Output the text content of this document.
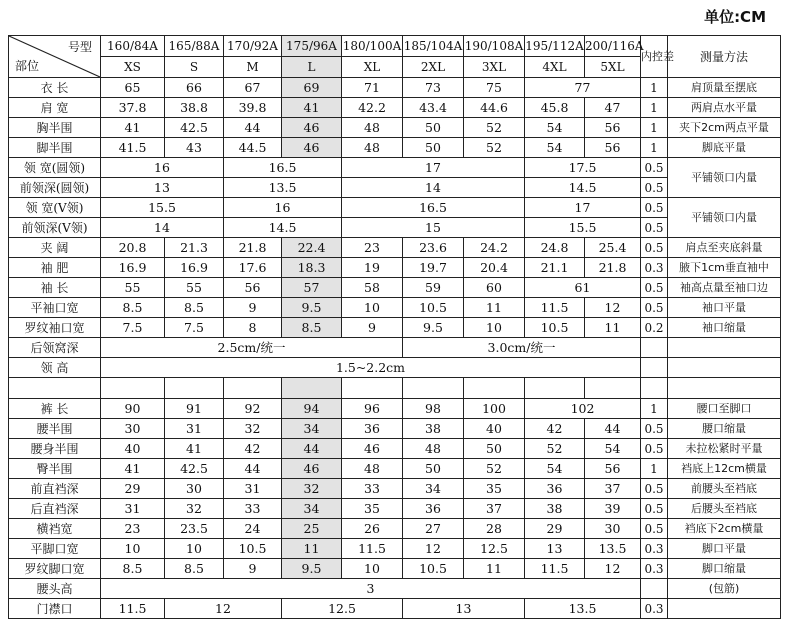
单位:CM
号型
部位	160/84A	165/88A	170/92A	175/96A	180/100A	185/104A	190/108A	195/112A	200/116A	内控差	测量方法
	XS	S	M	L	XL	2XL	3XL	4XL	5XL		
衣 长	65	66	67	69	71	73	75	77		1	肩顶量至摆底
肩 宽	37.8	38.8	39.8	41	42.2	43.4	44.6	45.8	47	1	两肩点水平量
胸半围	41	42.5	44	46	48	50	52	54	56	1	夹下2cm两点平量
脚半围	41.5	43	44.5	46	48	50	52	54	56	1	脚底平量
领 宽(圆领)	16		16.5		17			17.5		0.5	平铺领口内量
前领深(圆领)	13		13.5		14			14.5		0.5	
领 宽(V领)	15.5		16		16.5			17		0.5	平铺领口内量
前领深(V领)	14		14.5		15			15.5		0.5	
夹 阔	20.8	21.3	21.8	22.4	23	23.6	24.2	24.8	25.4	0.5	肩点至夹底斜量
袖 肥	16.9	16.9	17.6	18.3	19	19.7	20.4	21.1	21.8	0.3	腋下1cm垂直袖中
袖 长	55	55	56	57	58	59	60	61		0.5	袖高点量至袖口边
平袖口宽	8.5	8.5	9	9.5	10	10.5	11	11.5	12	0.5	袖口平量
罗纹袖口宽	7.5	7.5	8	8.5	9	9.5	10	10.5	11	0.2	袖口缩量
后领窝深	2.5cm/统一					3.0cm/统一					
领 高	1.5~2.2cm										

裤 长	90	91	92	94	96	98	100	102		1	腰口至脚口
腰半围	30	31	32	34	36	38	40	42	44	0.5	腰口缩量
腰身半围	40	41	42	44	46	48	50	52	54	0.5	未拉松紧时平量
臀半围	41	42.5	44	46	48	50	52	54	56	1	裆底上12cm横量
前直裆深	29	30	31	32	33	34	35	36	37	0.5	前腰头至裆底
后直裆深	31	32	33	34	35	36	37	38	39	0.5	后腰头至裆底
横裆宽	23	23.5	24	25	26	27	28	29	30	0.5	裆底下2cm横量
平脚口宽	10	10	10.5	11	11.5	12	12.5	13	13.5	0.3	脚口平量
罗纹脚口宽	8.5	8.5	9	9.5	10	10.5	11	11.5	12	0.3	脚口缩量
腰头高	3										(包筋)
门襟口	11.5	12		12.5		13		13.5		0.3	
